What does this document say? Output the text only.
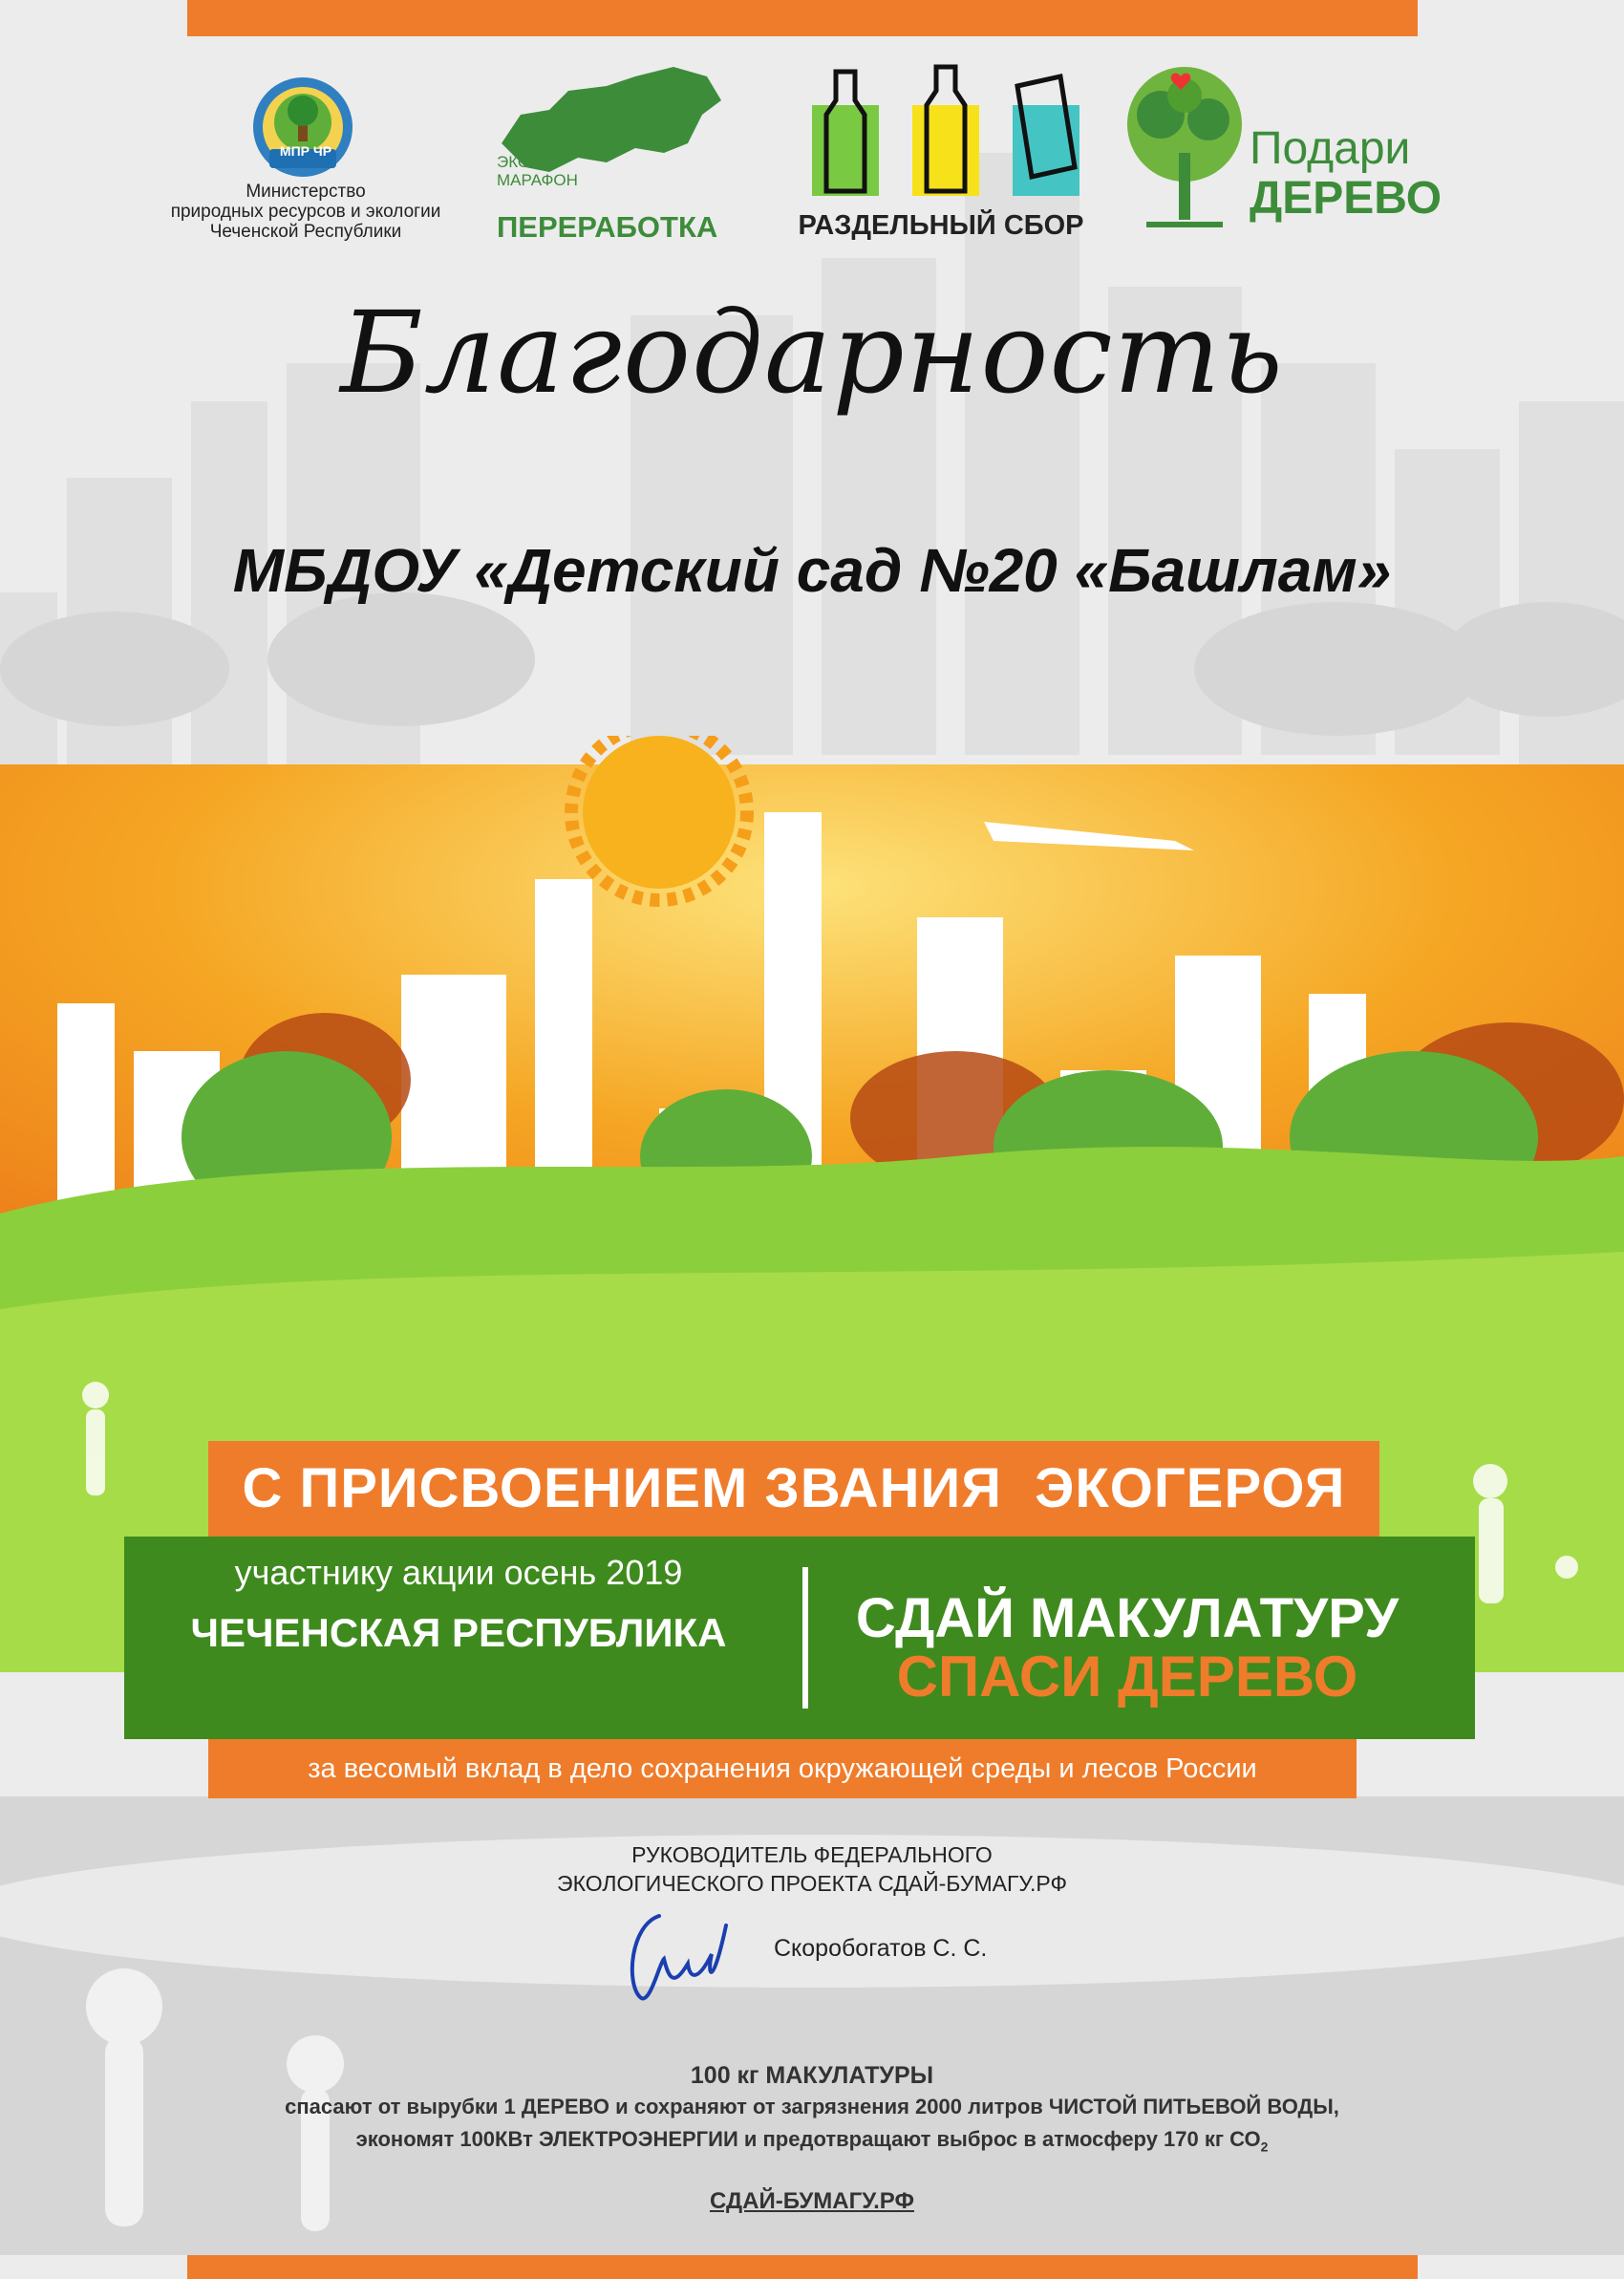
МПР ЧР
Министерство
природных ресурсов и экологии
Чеченской Республики
ЭКО
МАРАФОН
ПЕРЕРАБОТКА	РАЗДЕЛЬНЫЙ СБОР
Подари
ДЕРЕВО
Благодарность
МБДОУ «Детский сад №20 «Башлам»
С ПРИСВОЕНИЕМ ЗВАНИЯ  ЭКОГЕРОЯ
участнику акции осень 2019
ЧЕЧЕНСКАЯ РЕСПУБЛИКА	СДАЙ МАКУЛАТУРУ
СПАСИ ДЕРЕВО
за весомый вклад в дело сохранения окружающей среды и лесов России
РУКОВОДИТЕЛЬ ФЕДЕРАЛЬНОГО
ЭКОЛОГИЧЕСКОГО ПРОЕКТА СДАЙ-БУМАГУ.РФ
Скоробогатов С. С.
100 кг МАКУЛАТУРЫ
спасают от вырубки 1 ДЕРЕВО и сохраняют от загрязнения 2000 литров ЧИСТОЙ ПИТЬЕВОЙ ВОДЫ,
экономят 100КВт ЭЛЕКТРОЭНЕРГИИ и предотвращают выброс в атмосферу 170 кг $СО_2$
СДАЙ-БУМАГУ.РФ
